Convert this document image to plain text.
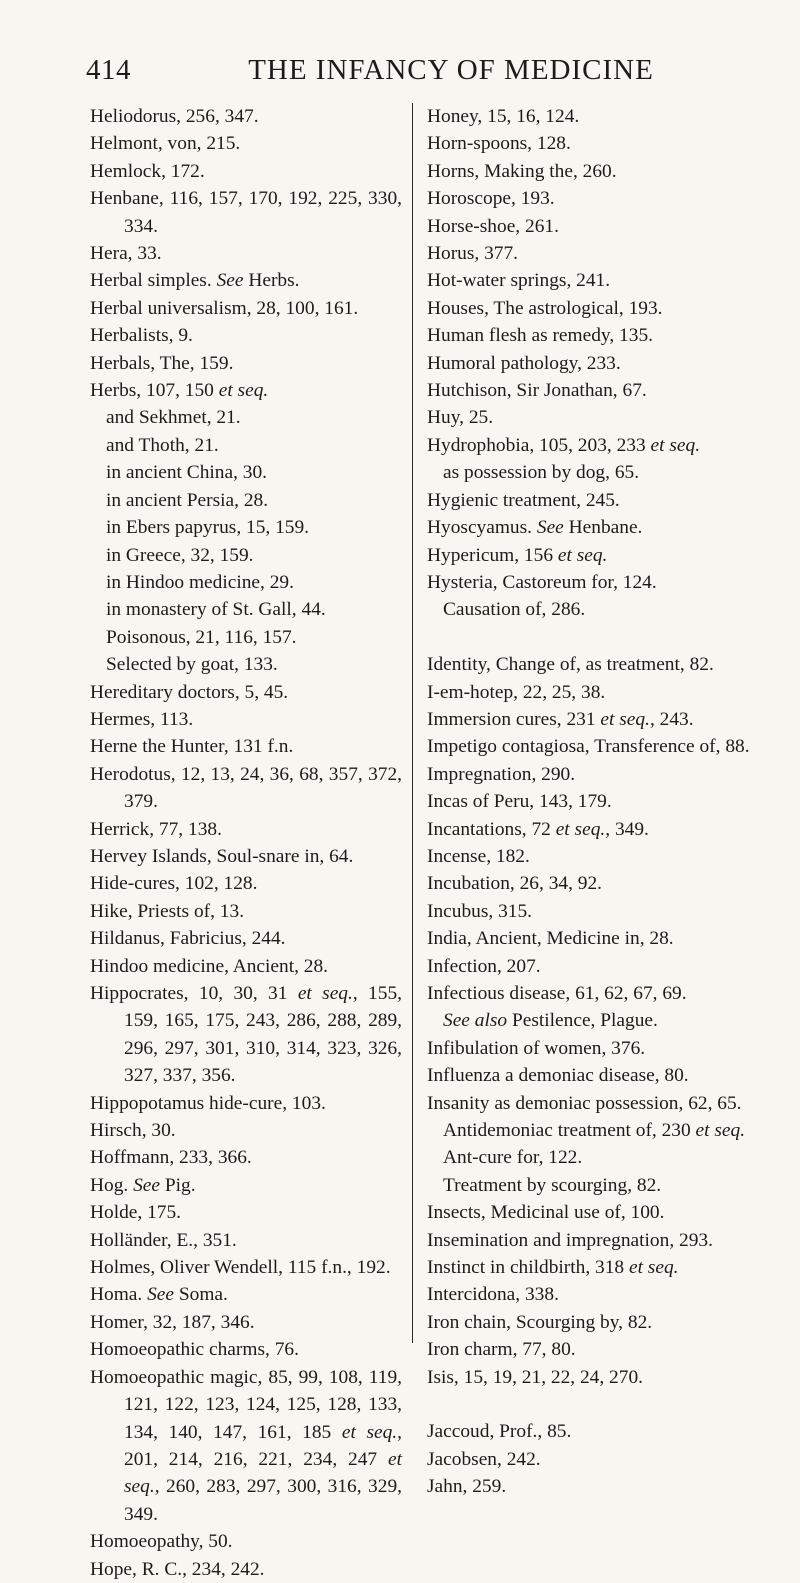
414	THE INFANCY OF MEDICINE
Heliodorus, 256, 347.
Helmont, von, 215.
Hemlock, 172.
Henbane, 116, 157, 170, 192, 225, 330, 334.
Hera, 33.
Herbal simples. See Herbs.
Herbal universalism, 28, 100, 161.
Herbalists, 9.
Herbals, The, 159.
Herbs, 107, 150 et seq.
and Sekhmet, 21.
and Thoth, 21.
in ancient China, 30.
in ancient Persia, 28.
in Ebers papyrus, 15, 159.
in Greece, 32, 159.
in Hindoo medicine, 29.
in monastery of St. Gall, 44.
Poisonous, 21, 116, 157.
Selected by goat, 133.
Hereditary doctors, 5, 45.
Hermes, 113.
Herne the Hunter, 131 f.n.
Herodotus, 12, 13, 24, 36, 68, 357, 372, 379.
Herrick, 77, 138.
Hervey Islands, Soul-snare in, 64.
Hide-cures, 102, 128.
Hike, Priests of, 13.
Hildanus, Fabricius, 244.
Hindoo medicine, Ancient, 28.
Hippocrates, 10, 30, 31 et seq., 155, 159, 165, 175, 243, 286, 288, 289, 296, 297, 301, 310, 314, 323, 326, 327, 337, 356.
Hippopotamus hide-cure, 103.
Hirsch, 30.
Hoffmann, 233, 366.
Hog. See Pig.
Holde, 175.
Holländer, E., 351.
Holmes, Oliver Wendell, 115 f.n., 192.
Homa. See Soma.
Homer, 32, 187, 346.
Homoeopathic charms, 76.
Homoeopathic magic, 85, 99, 108, 119, 121, 122, 123, 124, 125, 128, 133, 134, 140, 147, 161, 185 et seq., 201, 214, 216, 221, 234, 247 et seq., 260, 283, 297, 300, 316, 329, 349.
Homoeopathy, 50.
Hope, R. C., 234, 242.
Honey, 15, 16, 124.
Horn-spoons, 128.
Horns, Making the, 260.
Horoscope, 193.
Horse-shoe, 261.
Horus, 377.
Hot-water springs, 241.
Houses, The astrological, 193.
Human flesh as remedy, 135.
Humoral pathology, 233.
Hutchison, Sir Jonathan, 67.
Huy, 25.
Hydrophobia, 105, 203, 233 et seq.
as possession by dog, 65.
Hygienic treatment, 245.
Hyoscyamus. See Henbane.
Hypericum, 156 et seq.
Hysteria, Castoreum for, 124.
Causation of, 286.
Identity, Change of, as treatment, 82.
I-em-hotep, 22, 25, 38.
Immersion cures, 231 et seq., 243.
Impetigo contagiosa, Transference of, 88.
Impregnation, 290.
Incas of Peru, 143, 179.
Incantations, 72 et seq., 349.
Incense, 182.
Incubation, 26, 34, 92.
Incubus, 315.
India, Ancient, Medicine in, 28.
Infection, 207.
Infectious disease, 61, 62, 67, 69.
See also Pestilence, Plague.
Infibulation of women, 376.
Influenza a demoniac disease, 80.
Insanity as demoniac possession, 62, 65.
Antidemoniac treatment of, 230 et seq.
Ant-cure for, 122.
Treatment by scourging, 82.
Insects, Medicinal use of, 100.
Insemination and impregnation, 293.
Instinct in childbirth, 318 et seq.
Intercidona, 338.
Iron chain, Scourging by, 82.
Iron charm, 77, 80.
Isis, 15, 19, 21, 22, 24, 270.
Jaccoud, Prof., 85.
Jacobsen, 242.
Jahn, 259.
